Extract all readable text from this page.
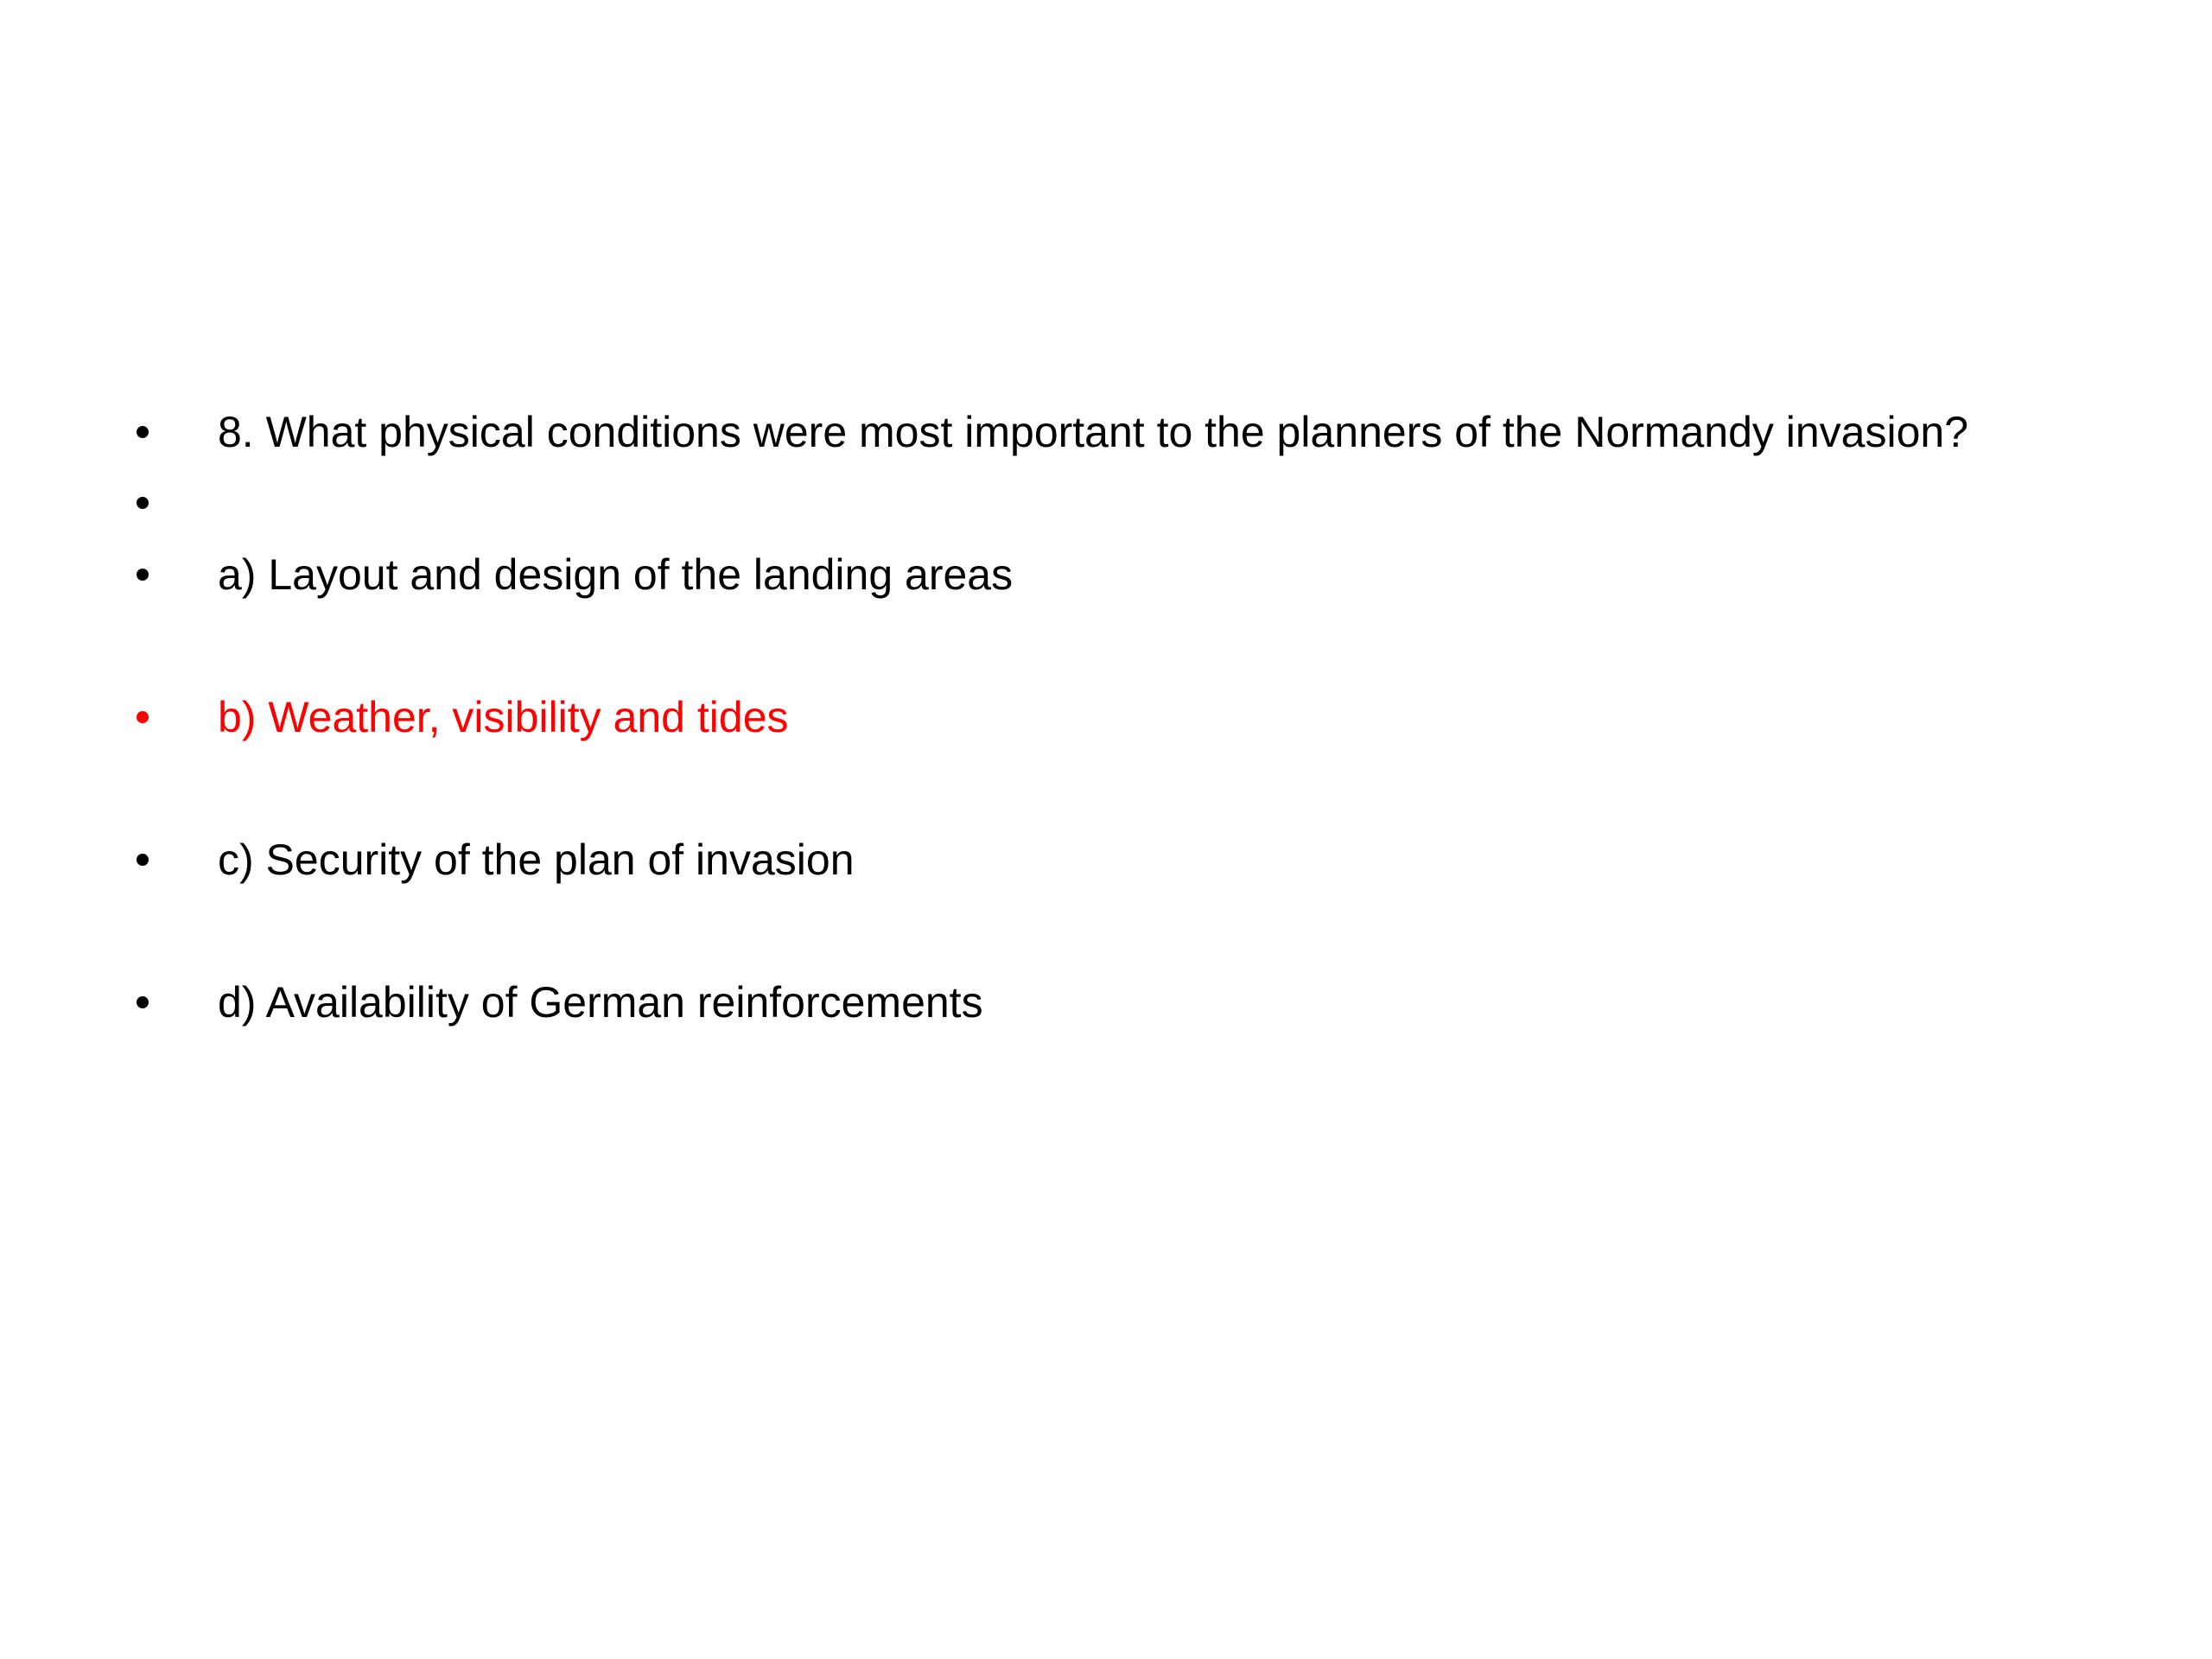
8. What physical conditions were most important to the planners of the Normandy invasion?
a) Layout and design of the landing areas
b) Weather, visibility and tides
c) Security of the plan of invasion
d) Availability of German reinforcements
